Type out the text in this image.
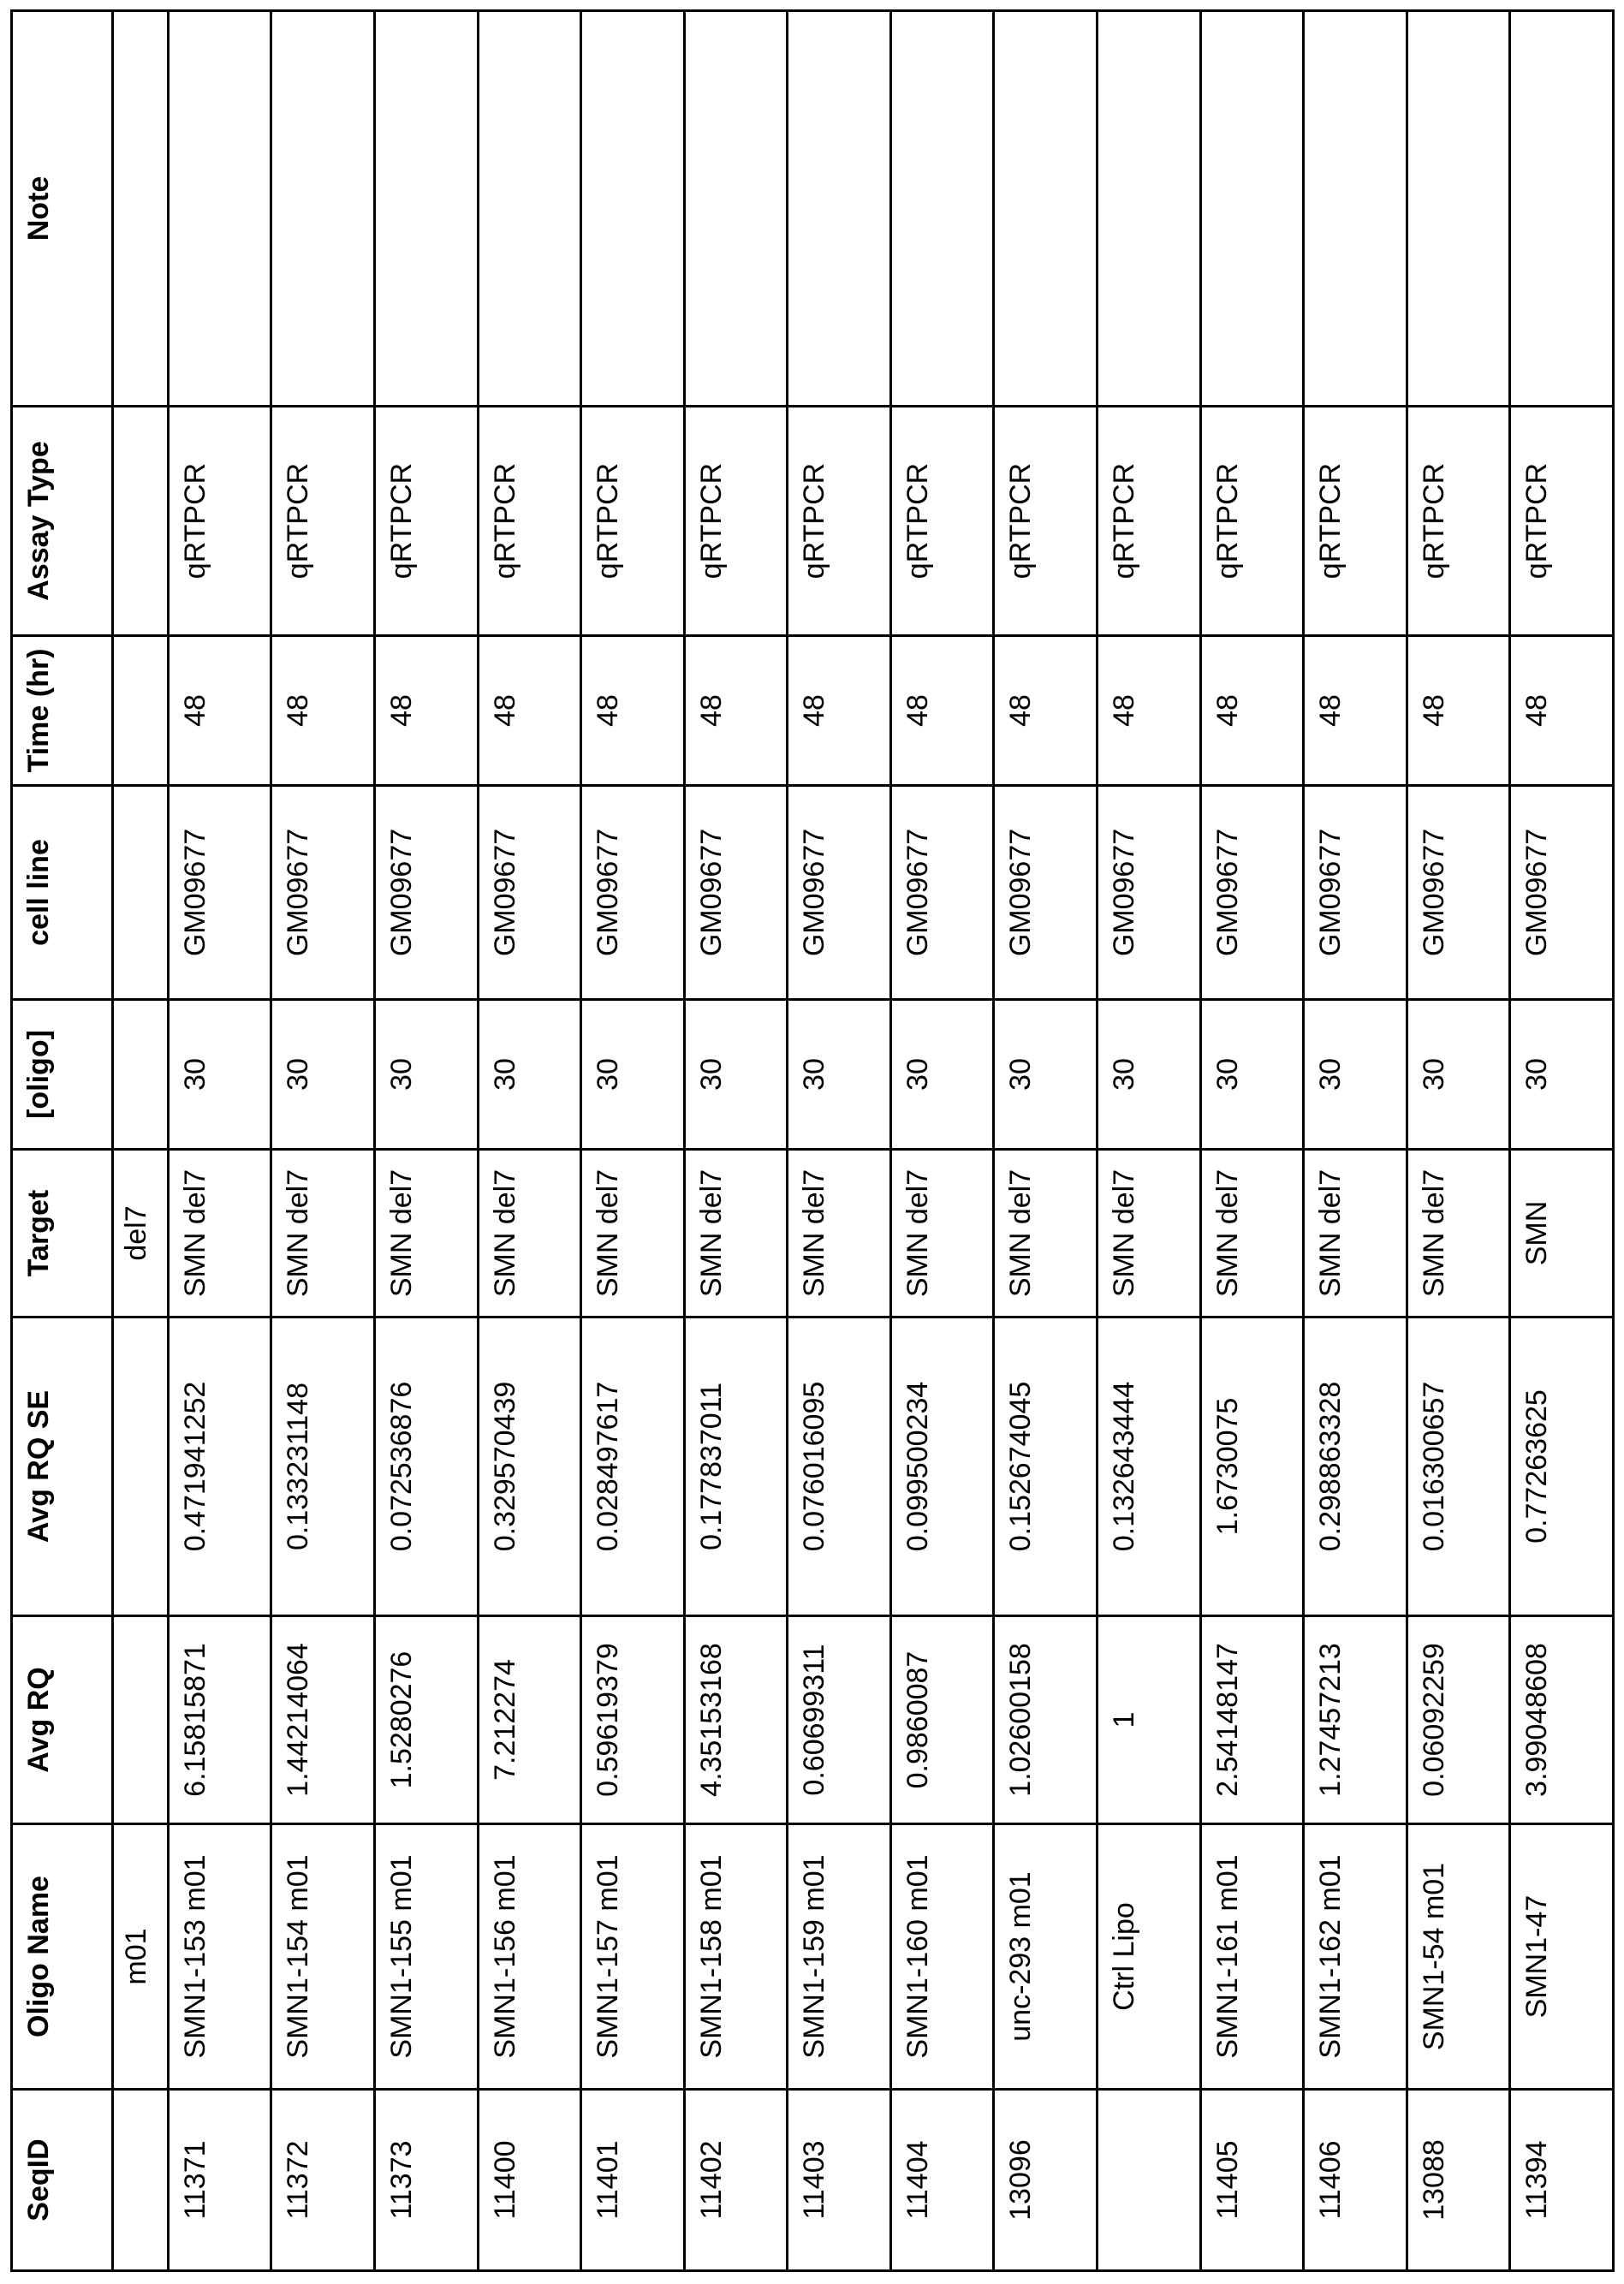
SeqID	Oligo Name	Avg RQ	Avg RQ SE	Target	[oligo]	cell line	Time (hr)	Assay Type	Note
	m01			del7					
11371	SMN1-153 m01	6.15815871	0.471941252	SMN del7	30	GM09677	48	qRTPCR	
11372	SMN1-154 m01	1.44214064	0.133231148	SMN del7	30	GM09677	48	qRTPCR	
11373	SMN1-155 m01	1.5280276	0.072536876	SMN del7	30	GM09677	48	qRTPCR	
11400	SMN1-156 m01	7.212274	0.329570439	SMN del7	30	GM09677	48	qRTPCR	
11401	SMN1-157 m01	0.59619379	0.028497617	SMN del7	30	GM09677	48	qRTPCR	
11402	SMN1-158 m01	4.35153168	0.177837011	SMN del7	30	GM09677	48	qRTPCR	
11403	SMN1-159 m01	0.60699311	0.076016095	SMN del7	30	GM09677	48	qRTPCR	
11404	SMN1-160 m01	0.9860087	0.099500234	SMN del7	30	GM09677	48	qRTPCR	
13096	unc-293 m01	1.02600158	0.152674045	SMN del7	30	GM09677	48	qRTPCR	
	Ctrl Lipo	1	0.132643444	SMN del7	30	GM09677	48	qRTPCR	
11405	SMN1-161 m01	2.54148147	1.6730075	SMN del7	30	GM09677	48	qRTPCR	
11406	SMN1-162 m01	1.27457213	0.298863328	SMN del7	30	GM09677	48	qRTPCR	
13088	SMN1-54 m01	0.06092259	0.016300657	SMN del7	30	GM09677	48	qRTPCR	
11394	SMN1-47	3.99048608	0.77263625	SMN	30	GM09677	48	qRTPCR	
